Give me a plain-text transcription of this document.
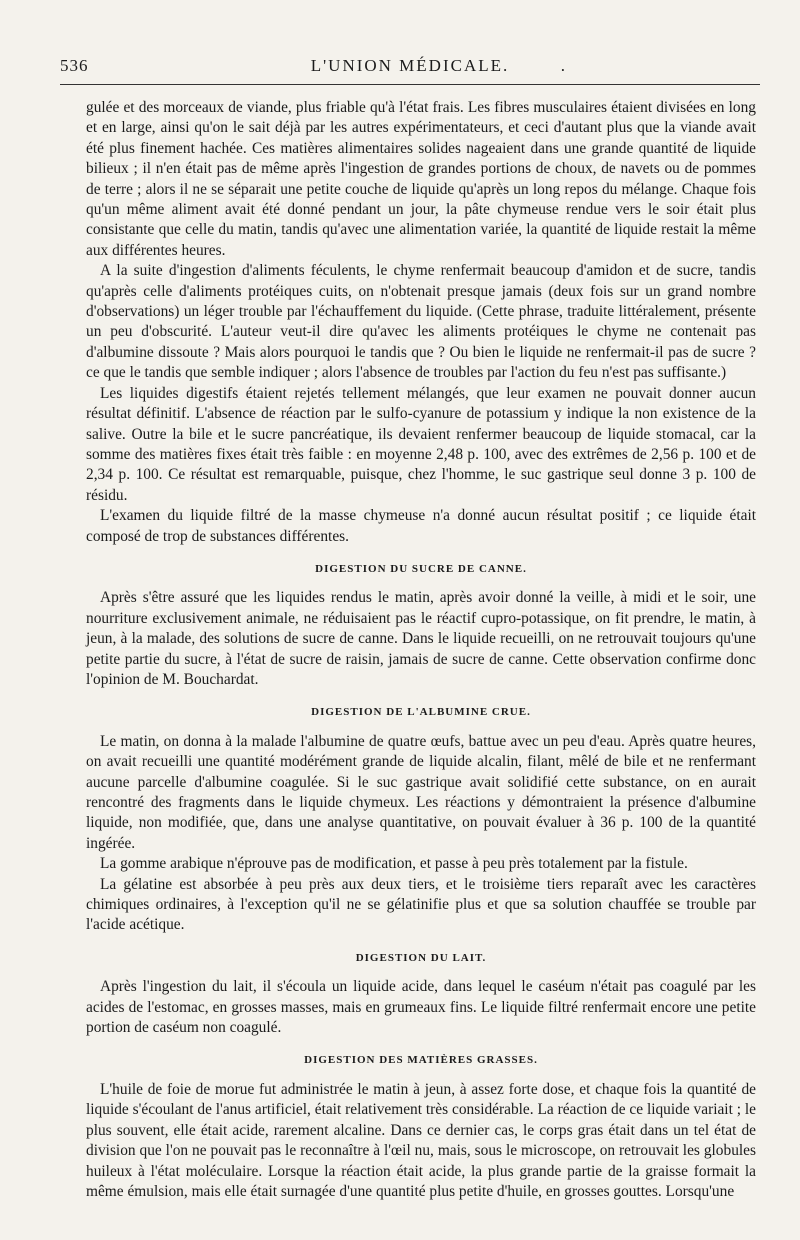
536	L'UNION MÉDICALE.	.

gulée et des morceaux de viande, plus friable qu'à l'état frais. Les fibres musculaires étaient divisées en long et en large, ainsi qu'on le sait déjà par les autres expérimentateurs, et ceci d'autant plus que la viande avait été plus finement hachée. Ces matières alimentaires solides nageaient dans une grande quantité de liquide bilieux ; il n'en était pas de même après l'ingestion de grandes portions de choux, de navets ou de pommes de terre ; alors il ne se séparait une petite couche de liquide qu'après un long repos du mélange. Chaque fois qu'un même aliment avait été donné pendant un jour, la pâte chymeuse rendue vers le soir était plus consistante que celle du matin, tandis qu'avec une alimentation variée, la quantité de liquide restait la même aux différentes heures.

A la suite d'ingestion d'aliments féculents, le chyme renfermait beaucoup d'amidon et de sucre, tandis qu'après celle d'aliments protéiques cuits, on n'obtenait presque jamais (deux fois sur un grand nombre d'observations) un léger trouble par l'échauffement du liquide. (Cette phrase, traduite littéralement, présente un peu d'obscurité. L'auteur veut-il dire qu'avec les aliments protéiques le chyme ne contenait pas d'albumine dissoute ? Mais alors pourquoi le tandis que ? Ou bien le liquide ne renfermait-il pas de sucre ? ce que le tandis que semble indiquer ; alors l'absence de troubles par l'action du feu n'est pas suffisante.)

Les liquides digestifs étaient rejetés tellement mélangés, que leur examen ne pouvait donner aucun résultat définitif. L'absence de réaction par le sulfo-cyanure de potassium y indique la non existence de la salive. Outre la bile et le sucre pancréatique, ils devaient renfermer beaucoup de liquide stomacal, car la somme des matières fixes était très faible : en moyenne 2,48 p. 100, avec des extrêmes de 2,56 p. 100 et de 2,34 p. 100. Ce résultat est remarquable, puisque, chez l'homme, le suc gastrique seul donne 3 p. 100 de résidu.

L'examen du liquide filtré de la masse chymeuse n'a donné aucun résultat positif ; ce liquide était composé de trop de substances différentes.

DIGESTION DU SUCRE DE CANNE.

Après s'être assuré que les liquides rendus le matin, après avoir donné la veille, à midi et le soir, une nourriture exclusivement animale, ne réduisaient pas le réactif cupro-potassique, on fit prendre, le matin, à jeun, à la malade, des solutions de sucre de canne. Dans le liquide recueilli, on ne retrouvait toujours qu'une petite partie du sucre, à l'état de sucre de raisin, jamais de sucre de canne. Cette observation confirme donc l'opinion de M. Bouchardat.

DIGESTION DE L'ALBUMINE CRUE.

Le matin, on donna à la malade l'albumine de quatre œufs, battue avec un peu d'eau. Après quatre heures, on avait recueilli une quantité modérément grande de liquide alcalin, filant, mêlé de bile et ne renfermant aucune parcelle d'albumine coagulée. Si le suc gastrique avait solidifié cette substance, on en aurait rencontré des fragments dans le liquide chymeux. Les réactions y démontraient la présence d'albumine liquide, non modifiée, que, dans une analyse quantitative, on pouvait évaluer à 36 p. 100 de la quantité ingérée.

La gomme arabique n'éprouve pas de modification, et passe à peu près totalement par la fistule.

La gélatine est absorbée à peu près aux deux tiers, et le troisième tiers reparaît avec les caractères chimiques ordinaires, à l'exception qu'il ne se gélatinifie plus et que sa solution chauffée se trouble par l'acide acétique.

DIGESTION DU LAIT.

Après l'ingestion du lait, il s'écoula un liquide acide, dans lequel le caséum n'était pas coagulé par les acides de l'estomac, en grosses masses, mais en grumeaux fins. Le liquide filtré renfermait encore une petite portion de caséum non coagulé.

DIGESTION DES MATIÈRES GRASSES.

L'huile de foie de morue fut administrée le matin à jeun, à assez forte dose, et chaque fois la quantité de liquide s'écoulant de l'anus artificiel, était relativement très considérable. La réaction de ce liquide variait ; le plus souvent, elle était acide, rarement alcaline. Dans ce dernier cas, le corps gras était dans un tel état de division que l'on ne pouvait pas le reconnaître à l'œil nu, mais, sous le microscope, on retrouvait les globules huileux à l'état moléculaire. Lorsque la réaction était acide, la plus grande partie de la graisse formait la même émulsion, mais elle était surnagée d'une quantité plus petite d'huile, en grosses gouttes. Lorsqu'une
